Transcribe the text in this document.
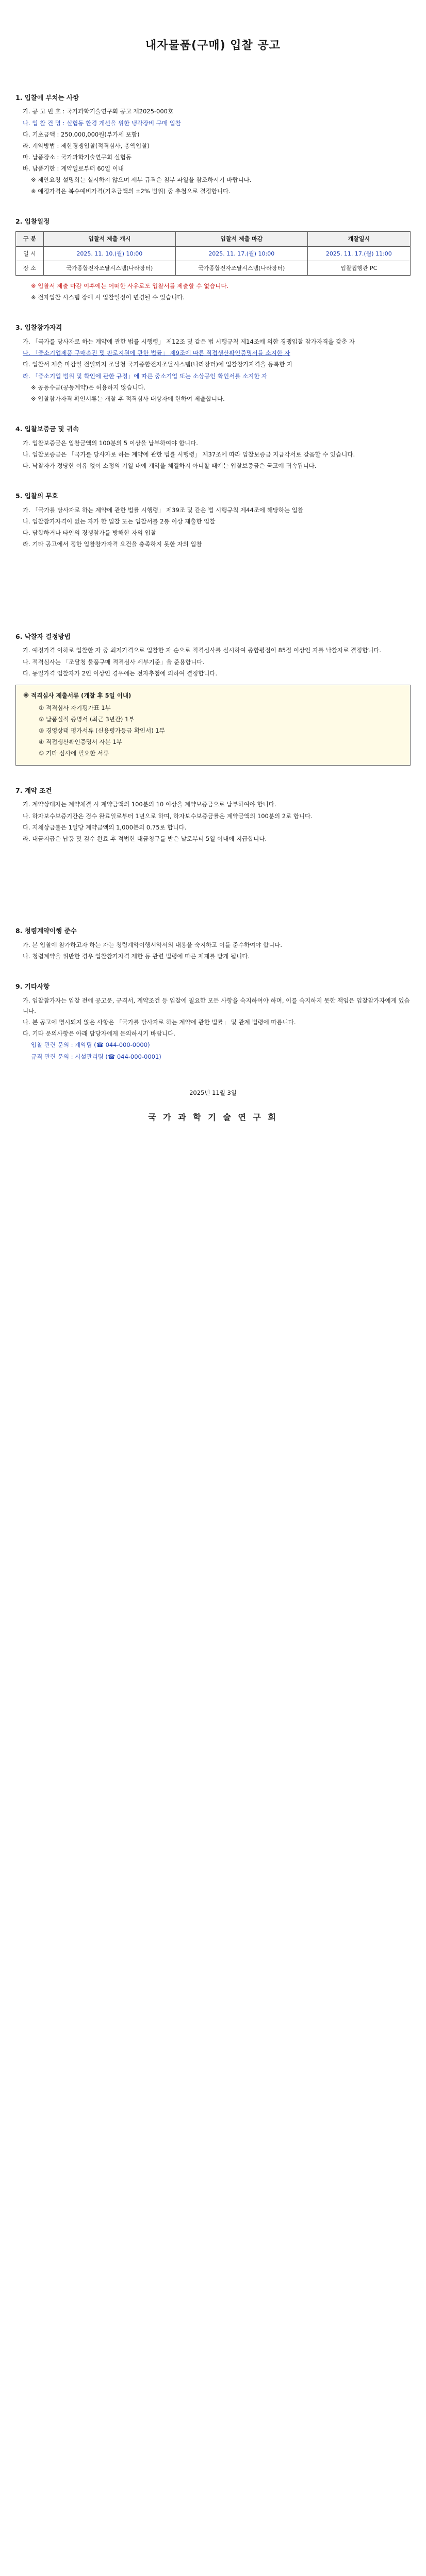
내자물품(구매) 입찰 공고
1. 입찰에 부치는 사항
가. 공 고 번 호 : 국가과학기술연구회 공고 제2025-000호
나. 입 찰 건 명 : 실험동 환경 개선을 위한 냉각장비 구매 입찰
다. 기초금액 : 250,000,000원(부가세 포함)
라. 계약방법 : 제한경쟁입찰(적격심사, 총액입찰)
마. 납품장소 : 국가과학기술연구회 실험동
바. 납품기한 : 계약일로부터 60일 이내
※ 제안요청 설명회는 실시하지 않으며 세부 규격은 첨부 파일을 참조하시기 바랍니다.
※ 예정가격은 복수예비가격(기초금액의 ±2% 범위) 중 추첨으로 결정합니다.
2. 입찰일정
구 분	입찰서 제출 개시	입찰서 제출 마감	개찰일시
일 시	2025. 11. 10.(월) 10:00	2025. 11. 17.(월) 10:00	2025. 11. 17.(월) 11:00
장 소	국가종합전자조달시스템(나라장터)	국가종합전자조달시스템(나라장터)	입찰집행관 PC
※ 입찰서 제출 마감 이후에는 어떠한 사유로도 입찰서를 제출할 수 없습니다.
※ 전자입찰 시스템 장애 시 입찰일정이 변경될 수 있습니다.
3. 입찰참가자격
가. 「국가를 당사자로 하는 계약에 관한 법률 시행령」 제12조 및 같은 법 시행규칙 제14조에 의한 경쟁입찰 참가자격을 갖춘 자
나. 「중소기업제품 구매촉진 및 판로지원에 관한 법률」 제9조에 따른 직접생산확인증명서를 소지한 자
다. 입찰서 제출 마감일 전일까지 조달청 국가종합전자조달시스템(나라장터)에 입찰참가자격을 등록한 자
라. 「중소기업 범위 및 확인에 관한 규정」에 따른 중소기업 또는 소상공인 확인서를 소지한 자
※ 공동수급(공동계약)은 허용하지 않습니다.
※ 입찰참가자격 확인서류는 개찰 후 적격심사 대상자에 한하여 제출합니다.
4. 입찰보증금 및 귀속
가. 입찰보증금은 입찰금액의 100분의 5 이상을 납부하여야 합니다.
나. 입찰보증금은 「국가를 당사자로 하는 계약에 관한 법률 시행령」 제37조에 따라 입찰보증금 지급각서로 갈음할 수 있습니다.
다. 낙찰자가 정당한 이유 없이 소정의 기일 내에 계약을 체결하지 아니할 때에는 입찰보증금은 국고에 귀속됩니다.
5. 입찰의 무효
가. 「국가를 당사자로 하는 계약에 관한 법률 시행령」 제39조 및 같은 법 시행규칙 제44조에 해당하는 입찰
나. 입찰참가자격이 없는 자가 한 입찰 또는 입찰서를 2통 이상 제출한 입찰
다. 담합하거나 타인의 경쟁참가를 방해한 자의 입찰
라. 기타 공고에서 정한 입찰참가자격 요건을 충족하지 못한 자의 입찰
6. 낙찰자 결정방법
가. 예정가격 이하로 입찰한 자 중 최저가격으로 입찰한 자 순으로 적격심사를 실시하여 종합평점이 85점 이상인 자를 낙찰자로 결정합니다.
나. 적격심사는 「조달청 물품구매 적격심사 세부기준」을 준용합니다.
다. 동일가격 입찰자가 2인 이상인 경우에는 전자추첨에 의하여 결정합니다.
※ 적격심사 제출서류 (개찰 후 5일 이내)
① 적격심사 자기평가표 1부
② 납품실적 증명서 (최근 3년간) 1부
③ 경영상태 평가서류 (신용평가등급 확인서) 1부
④ 직접생산확인증명서 사본 1부
⑤ 기타 심사에 필요한 서류
7. 계약 조건
가. 계약상대자는 계약체결 시 계약금액의 100분의 10 이상을 계약보증금으로 납부하여야 합니다.
나. 하자보수보증기간은 검수 완료일로부터 1년으로 하며, 하자보수보증금률은 계약금액의 100분의 2로 합니다.
다. 지체상금률은 1일당 계약금액의 1,000분의 0.75로 합니다.
라. 대금지급은 납품 및 검수 완료 후 적법한 대금청구를 받은 날로부터 5일 이내에 지급합니다.
8. 청렴계약이행 준수
가. 본 입찰에 참가하고자 하는 자는 청렴계약이행서약서의 내용을 숙지하고 이를 준수하여야 합니다.
나. 청렴계약을 위반한 경우 입찰참가자격 제한 등 관련 법령에 따른 제재를 받게 됩니다.
9. 기타사항
가. 입찰참가자는 입찰 전에 공고문, 규격서, 계약조건 등 입찰에 필요한 모든 사항을 숙지하여야 하며, 이를 숙지하지 못한 책임은 입찰참가자에게 있습니다.
나. 본 공고에 명시되지 않은 사항은 「국가를 당사자로 하는 계약에 관한 법률」 및 관계 법령에 따릅니다.
다. 기타 문의사항은 아래 담당자에게 문의하시기 바랍니다.
입찰 관련 문의 : 계약팀 (☎ 044-000-0000)
규격 관련 문의 : 시설관리팀 (☎ 044-000-0001)
2025년 11월 3일
국 가 과 학 기 술 연 구 회
